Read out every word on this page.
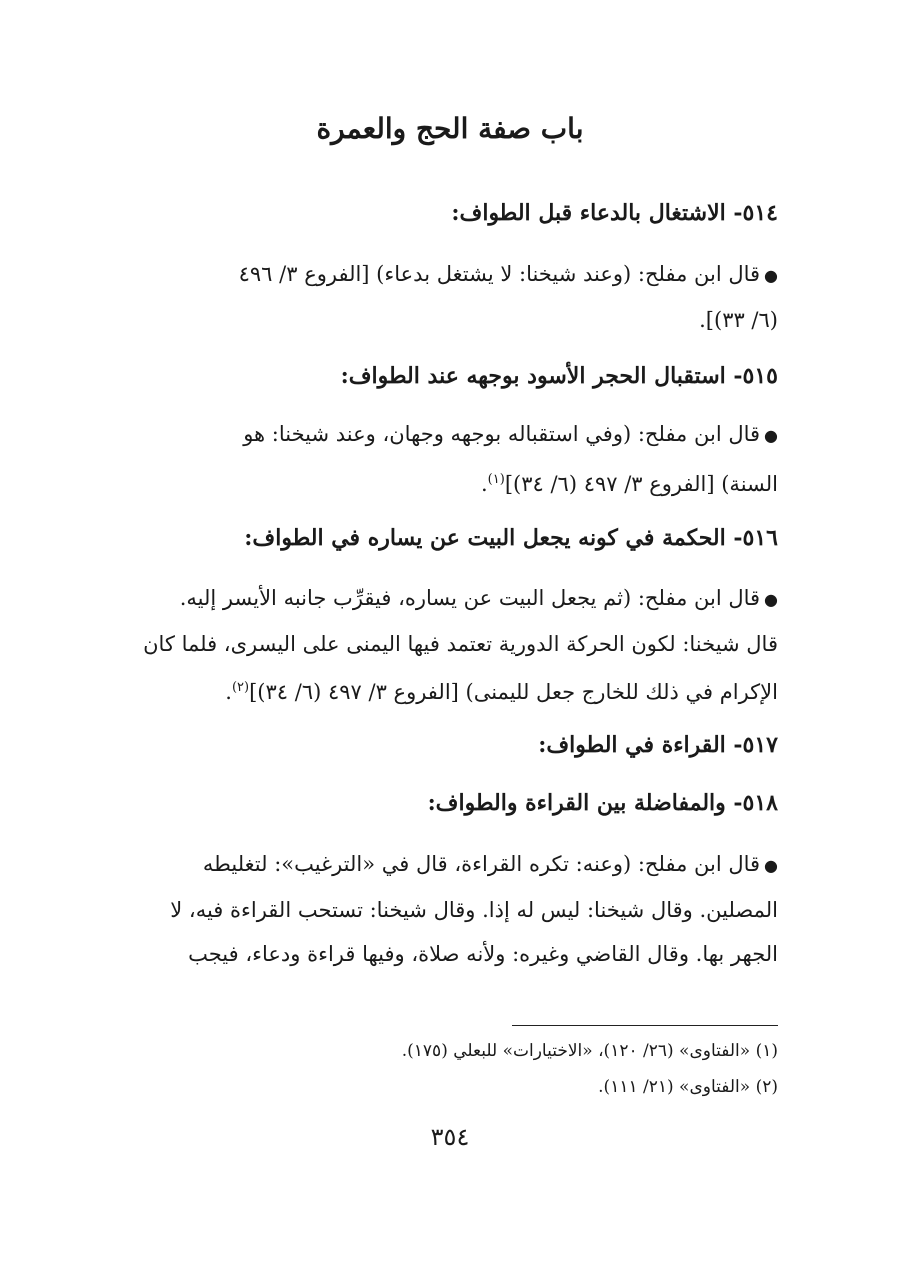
باب صفة الحج والعمرة
٥١٤- الاشتغال بالدعاء قبل الطواف:
●قال ابن مفلح: (وعند شيخنا: لا يشتغل بدعاء) [الفروع ٣/ ٤٩٦
(٦/ ٣٣)].
٥١٥- استقبال الحجر الأسود بوجهه عند الطواف:
●قال ابن مفلح: (وفي استقباله بوجهه وجهان، وعند شيخنا: هو
السنة) [الفروع ٣/ ٤٩٧ (٦/ ٣٤)]$^{(١)}$.
٥١٦- الحكمة في كونه يجعل البيت عن يساره في الطواف:
●قال ابن مفلح: (ثم يجعل البيت عن يساره، فيقرِّب جانبه الأيسر إليه.
قال شيخنا: لكون الحركة الدورية تعتمد فيها اليمنى على اليسرى، فلما كان
الإكرام في ذلك للخارج جعل لليمنى) [الفروع ٣/ ٤٩٧ (٦/ ٣٤)]$^{(٢)}$.
٥١٧- القراءة في الطواف:
٥١٨- والمفاضلة بين القراءة والطواف:
●قال ابن مفلح: (وعنه: تكره القراءة، قال في «الترغيب»: لتغليطه
المصلين. وقال شيخنا: ليس له إذا. وقال شيخنا: تستحب القراءة فيه، لا
الجهر بها. وقال القاضي وغيره: ولأنه صلاة، وفيها قراءة ودعاء، فيجب
(١) «الفتاوى» (٢٦/ ١٢٠)، «الاختيارات» للبعلي (١٧٥).
(٢) «الفتاوى» (٢١/ ١١١).
٣٥٤
